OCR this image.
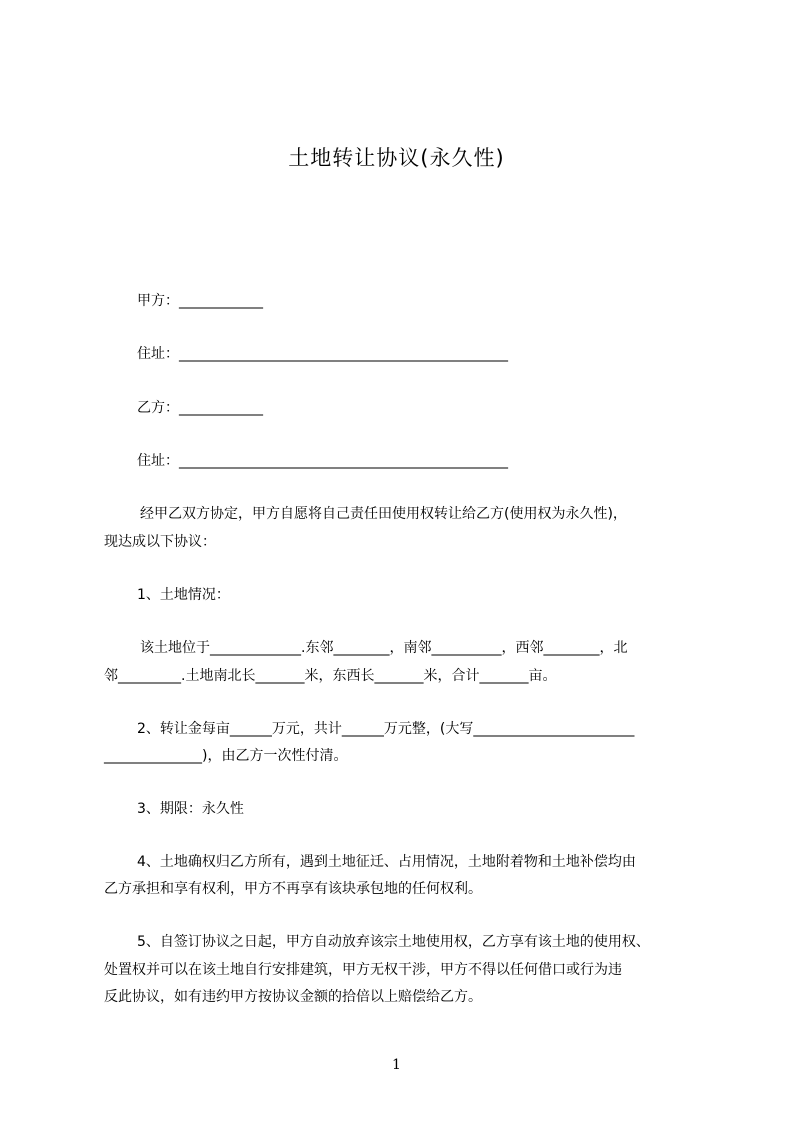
土地转让协议(永久性)
甲方：____________
住址：_______________________________________________
乙方：____________
住址：_______________________________________________
经甲乙双方协定，甲方自愿将自己责任田使用权转让给乙方(使用权为永久性)，
现达成以下协议：
1、土地情况：
该土地位于_____________.东邻________，南邻__________，西邻________，北
邻_________.土地南北长_______米，东西长_______米，合计_______亩。
2、转让金每亩______万元，共计______万元整，(大写_______________________
______________)，由乙方一次性付清。
3、期限：永久性
4、土地确权归乙方所有，遇到土地征迁、占用情况，土地附着物和土地补偿均由
乙方承担和享有权利，甲方不再享有该块承包地的任何权利。
5、自签订协议之日起，甲方自动放弃该宗土地使用权，乙方享有该土地的使用权、
处置权并可以在该土地自行安排建筑，甲方无权干涉，甲方不得以任何借口或行为违
反此协议，如有违约甲方按协议金额的拾倍以上赔偿给乙方。
1
